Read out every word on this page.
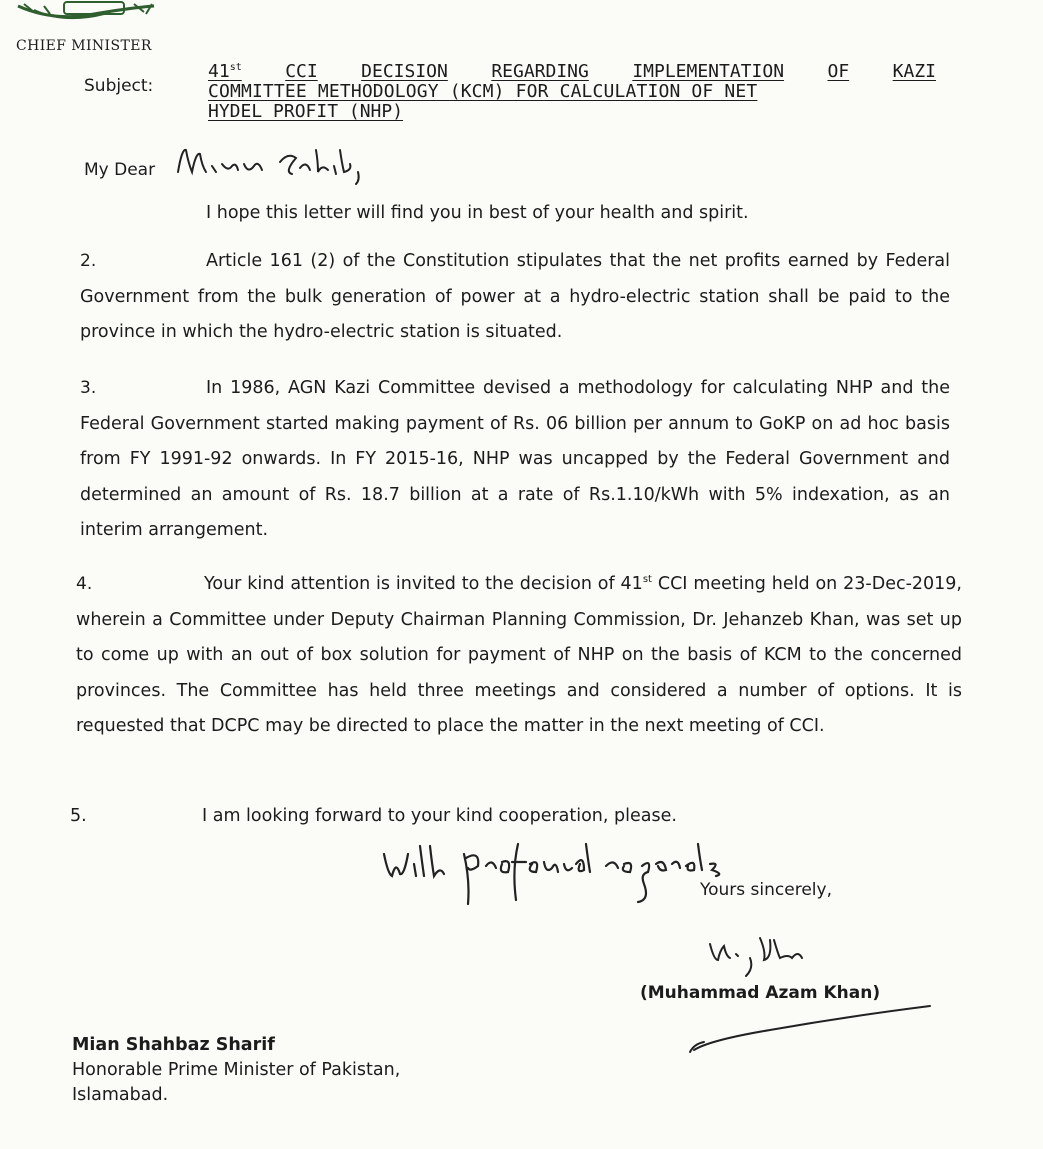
CHIEF MINISTER
Subject:
41st CCI DECISION REGARDING IMPLEMENTATION OF KAZI
COMMITTEE METHODOLOGY (KCM) FOR CALCULATION OF NET
HYDEL PROFIT (NHP)
My Dear
I hope this letter will find you in best of your health and spirit.
2.	Article 161 (2) of the Constitution stipulates that the net profits earned by Federal Government from the bulk generation of power at a hydro-electric station shall be paid to the province in which the hydro-electric station is situated.
3.	In 1986, AGN Kazi Committee devised a methodology for calculating NHP and the Federal Government started making payment of Rs. 06 billion per annum to GoKP on ad hoc basis from FY 1991-92 onwards. In FY 2015-16, NHP was uncapped by the Federal Government and determined an amount of Rs. 18.7 billion at a rate of Rs.1.10/kWh with 5% indexation, as an interim arrangement.
4.	Your kind attention is invited to the decision of 41st CCI meeting held on 23-Dec-2019, wherein a Committee under Deputy Chairman Planning Commission, Dr. Jehanzeb Khan, was set up to come up with an out of box solution for payment of NHP on the basis of KCM to the concerned provinces. The Committee has held three meetings and considered a number of options. It is requested that DCPC may be directed to place the matter in the next meeting of CCI.
5.	I am looking forward to your kind cooperation, please.
Yours sincerely,
(Muhammad Azam Khan)
Mian Shahbaz Sharif
Honorable Prime Minister of Pakistan,
Islamabad.
